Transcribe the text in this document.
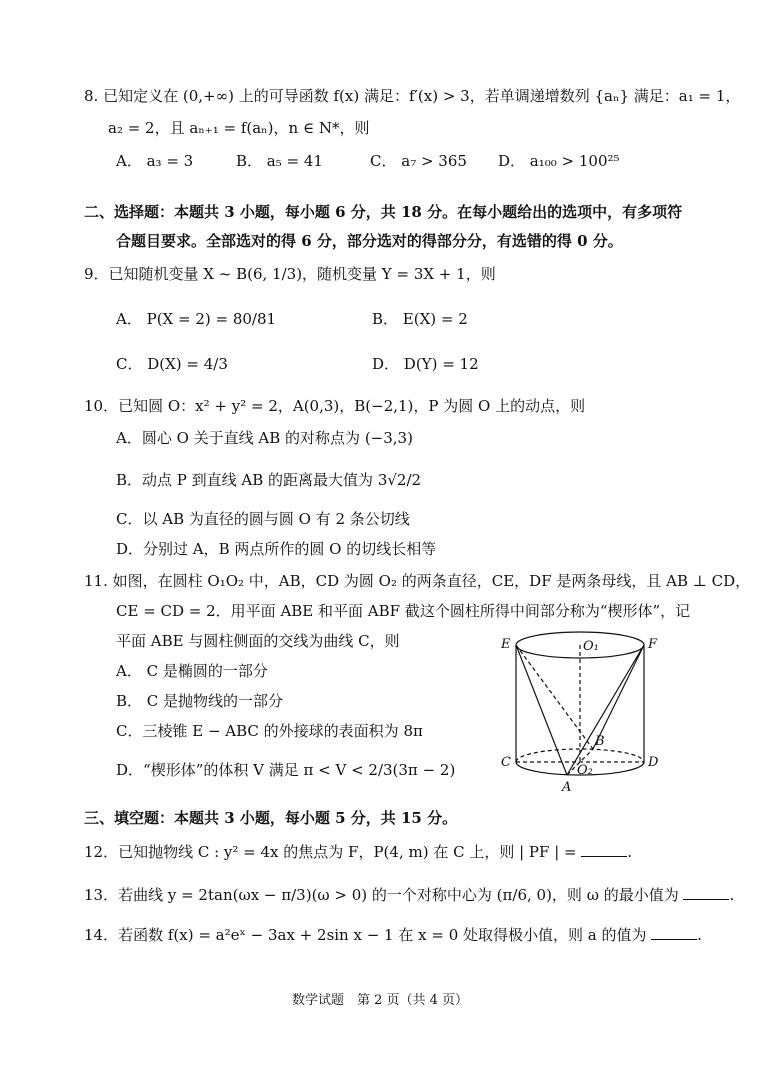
8. 已知定义在 (0,+∞) 上的可导函数 f(x) 满足：f′(x) > 3，若单调递增数列 {aₙ} 满足：a₁ = 1，
a₂ = 2，且 aₙ₊₁ = f(aₙ)，n ∈ N*，则
A． a₃ = 3	B． a₅ = 41	C． a₇ > 365 D． a₁₀₀ > 100²⁵
二、选择题：本题共 3 小题，每小题 6 分，共 18 分。在每小题给出的选项中，有多项符
合题目要求。全部选对的得 6 分，部分选对的得部分分，有选错的得 0 分。
9．已知随机变量 X ~ B(6, 1/3)，随机变量 Y = 3X + 1，则
A． P(X = 2) = 80/81	B． E(X) = 2
C． D(X) = 4/3	D． D(Y) = 12
10．已知圆 O：x² + y² = 2，A(0,3)，B(−2,1)，P 为圆 O 上的动点，则
A．圆心 O 关于直线 AB 的对称点为 (−3,3)
B．动点 P 到直线 AB 的距离最大值为 3√2/2
C．以 AB 为直径的圆与圆 O 有 2 条公切线
D．分别过 A，B 两点所作的圆 O 的切线长相等
11. 如图，在圆柱 O₁O₂ 中，AB，CD 为圆 O₂ 的两条直径，CE，DF 是两条母线，且 AB ⊥ CD，
CE = CD = 2．用平面 ABE 和平面 ABF 截这个圆柱所得中间部分称为“楔形体”，记
平面 ABE 与圆柱侧面的交线为曲线 C，则
A． C 是椭圆的一部分
B． C 是抛物线的一部分
C．三棱锥 E − ABC 的外接球的表面积为 8π
D．“楔形体”的体积 V 满足 π < V < 2/3(3π − 2)
E	O₁	F
B
C
O₂
D
A
三、填空题：本题共 3 小题，每小题 5 分，共 15 分。
12．已知抛物线 C : y² = 4x 的焦点为 F，P(4, m) 在 C 上，则 | PF | =	.
13．若曲线 y = 2tan(ωx − π/3)(ω > 0) 的一个对称中心为 (π/6, 0)，则 ω 的最小值为	.
14．若函数 f(x) = a²eˣ − 3ax + 2sin x − 1 在 x = 0 处取得极小值，则 a 的值为	.
数学试题　第 2 页（共 4 页）
